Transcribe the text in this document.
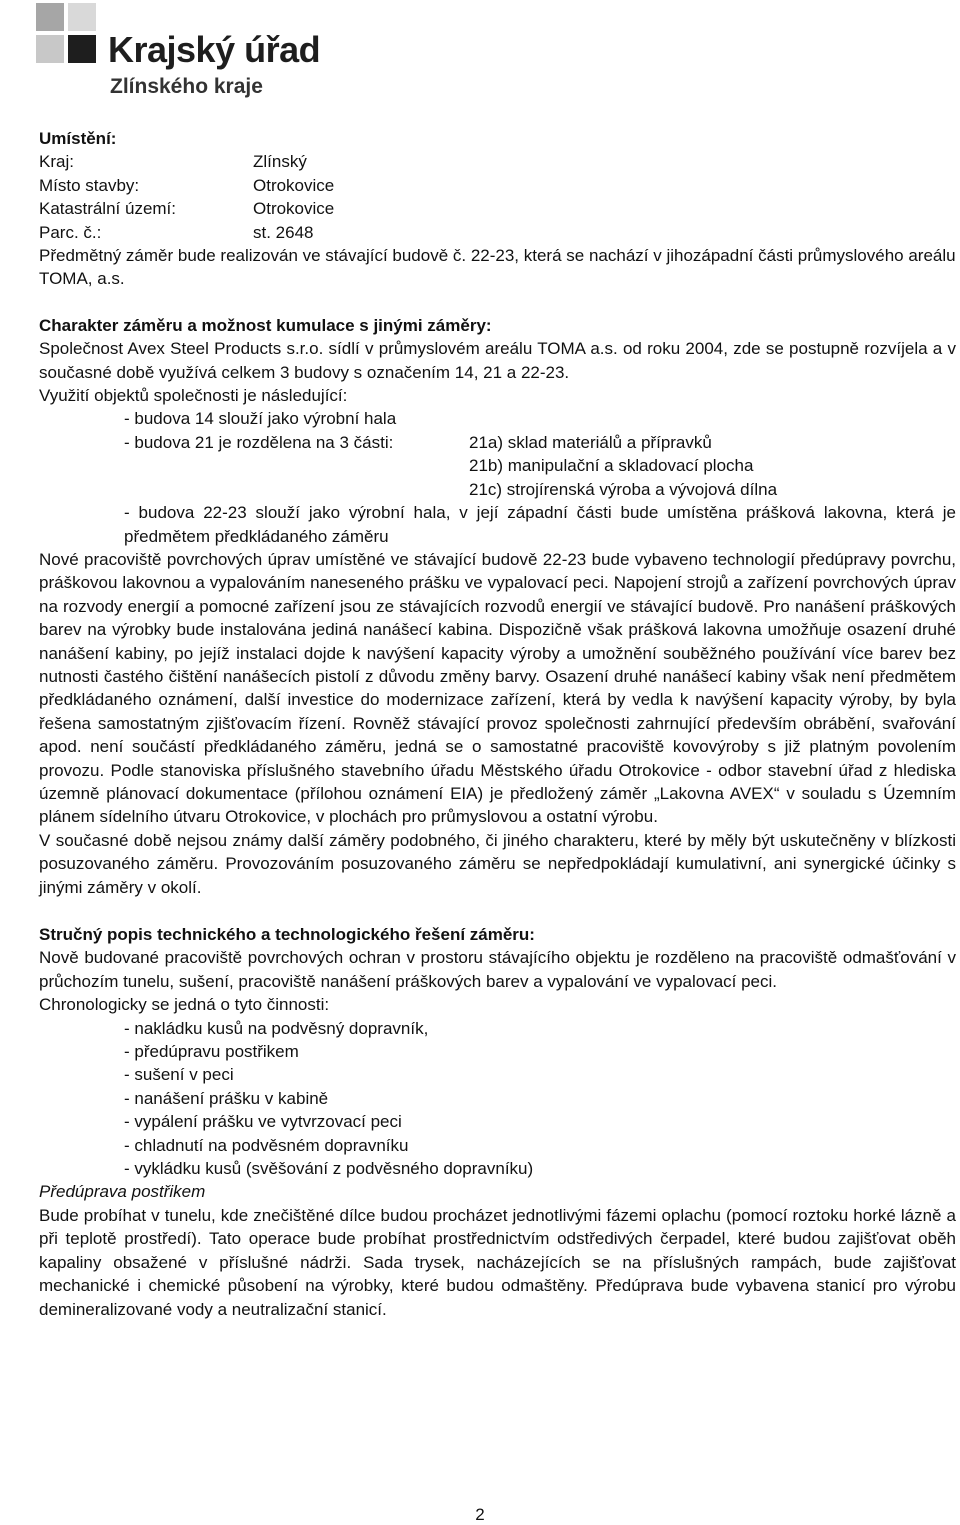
Krajský úřad
Zlínského kraje

Umístění:

Kraj:	Zlínský
Místo stavby:	Otrokovice
Katastrální území:	Otrokovice
Parc. č.:	st. 2648

Předmětný záměr bude realizován ve stávající budově č. 22-23, která se nachází v jihozápadní části průmyslového areálu TOMA, a.s.

Charakter záměru a možnost kumulace s jinými záměry:

Společnost Avex Steel Products s.r.o. sídlí v průmyslovém areálu TOMA a.s. od roku 2004, zde se postupně rozvíjela a v současné době využívá celkem 3 budovy s označením 14, 21 a 22-23.

Využití objektů společnosti je následující:

- budova 14 slouží jako výrobní hala

- budova 21 je rozdělena na 3 části:	21a) sklad materiálů a přípravků

21b) manipulační a skladovací plocha

21c) strojírenská výroba a vývojová dílna

- budova 22-23 slouží jako výrobní hala, v její západní části bude umístěna prášková lakovna, která je předmětem předkládaného záměru

Nové pracoviště povrchových úprav umístěné ve stávající budově 22-23 bude vybaveno technologií předúpravy povrchu, práškovou lakovnou a vypalováním naneseného prášku ve vypalovací peci. Napojení strojů a zařízení povrchových úprav na rozvody energií a pomocné zařízení jsou ze stávajících rozvodů energií ve stávající budově. Pro nanášení práškových barev na výrobky bude instalována jediná nanášecí kabina. Dispozičně však prášková lakovna umožňuje osazení druhé nanášení kabiny, po jejíž instalaci dojde k navýšení kapacity výroby a umožnění souběžného používání více barev bez nutnosti častého čištění nanášecích pistolí z důvodu změny barvy. Osazení druhé nanášecí kabiny však není předmětem předkládaného oznámení, další investice do modernizace zařízení, která by vedla k navýšení kapacity výroby, by byla řešena samostatným zjišťovacím řízení. Rovněž stávající provoz společnosti zahrnující především obrábění, svařování apod. není součástí předkládaného záměru, jedná se o samostatné pracoviště kovovýroby s již platným povolením provozu. Podle stanoviska příslušného stavebního úřadu Městského úřadu Otrokovice - odbor stavební úřad z hlediska územně plánovací dokumentace (přílohou oznámení EIA) je předložený záměr „Lakovna AVEX“ v souladu s Územním plánem sídelního útvaru Otrokovice, v plochách pro průmyslovou a ostatní výrobu.

V současné době nejsou známy další záměry podobného, či jiného charakteru, které by měly být uskutečněny v blízkosti posuzovaného záměru. Provozováním posuzovaného záměru se nepředpokládají kumulativní, ani synergické účinky s jinými záměry v okolí.

Stručný popis technického a technologického řešení záměru:

Nově budované pracoviště povrchových ochran v prostoru stávajícího objektu je rozděleno na pracoviště odmašťování v průchozím tunelu, sušení, pracoviště nanášení práškových barev a vypalování ve vypalovací peci.

Chronologicky se jedná o tyto činnosti:

- nakládku kusů na podvěsný dopravník,

- předúpravu postřikem

- sušení v peci

- nanášení prášku v kabině

- vypálení prášku ve vytvrzovací peci

- chladnutí na podvěsném dopravníku

- vykládku kusů (svěšování z podvěsného dopravníku)

Předúprava postřikem

Bude probíhat v tunelu, kde znečištěné dílce budou procházet jednotlivými fázemi oplachu (pomocí roztoku horké lázně a při teplotě prostředí). Tato operace bude probíhat prostřednictvím odstředivých čerpadel, které budou zajišťovat oběh kapaliny obsažené v příslušné nádrži. Sada trysek, nacházejících se na příslušných rampách, bude zajišťovat mechanické i chemické působení na výrobky, které budou odmaštěny. Předúprava bude vybavena stanicí pro výrobu demineralizované vody a neutralizační stanicí.

2
